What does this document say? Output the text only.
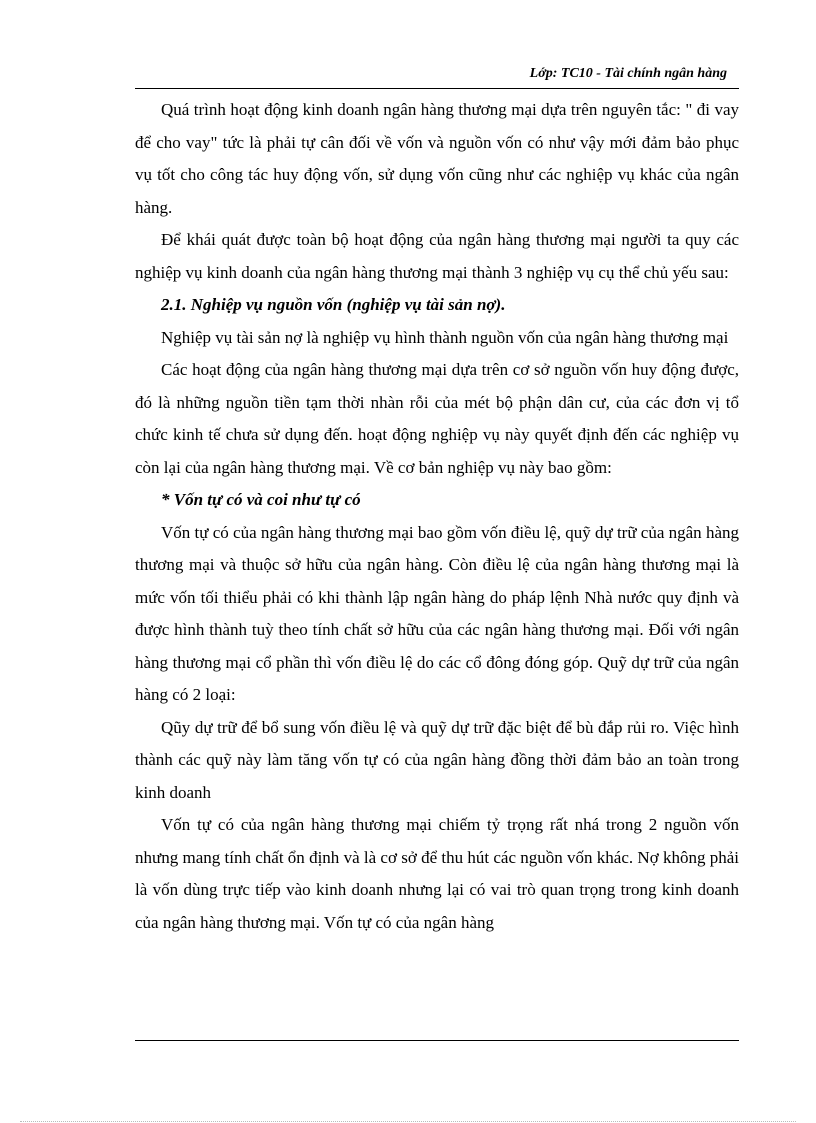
Lớp: TC10 - Tài chính ngân hàng

Quá trình hoạt động kinh doanh ngân hàng thương mại dựa trên nguyên tắc: " đi vay để cho vay" tức là phải tự cân đối về vốn và nguồn vốn có như vậy mới đảm bảo phục vụ tốt cho công tác huy động vốn, sử dụng vốn cũng như các nghiệp vụ khác của ngân hàng.

Để khái quát được toàn bộ hoạt động của ngân hàng thương mại người ta quy các nghiệp vụ kinh doanh của ngân hàng thương mại thành 3 nghiệp vụ cụ thể chủ yếu sau:

2.1. Nghiệp vụ nguồn vốn (nghiệp vụ tài sản nợ).

Nghiệp vụ tài sản nợ là nghiệp vụ hình thành nguồn vốn của ngân hàng thương mại

Các hoạt động của ngân hàng thương mại dựa trên cơ sở nguồn vốn huy động được, đó là những nguồn tiền tạm thời nhàn rỗi của mét bộ phận dân cư, của các đơn vị tổ chức kinh tế chưa sử dụng đến. hoạt động nghiệp vụ này quyết định đến các nghiệp vụ còn lại của ngân hàng thương mại. Về cơ bản nghiệp vụ này bao gồm:

* Vốn tự có và coi như tự có

Vốn tự có của ngân hàng thương mại bao gồm vốn điều lệ, quỹ dự trữ của ngân hàng thương mại và thuộc sở hữu của ngân hàng. Còn điều lệ của ngân hàng thương mại là mức vốn tối thiểu phải có khi thành lập ngân hàng do pháp lệnh Nhà nước quy định và được hình thành tuỳ theo tính chất sở hữu của các ngân hàng thương mại. Đối với ngân hàng thương mại cổ phần thì vốn điều lệ do các cổ đông đóng góp. Quỹ dự trữ của ngân hàng có 2 loại:

Qũy dự trữ để bổ sung vốn điều lệ và quỹ dự trữ đặc biệt để bù đắp rủi ro. Việc hình thành các quỹ này làm tăng vốn tự có của ngân hàng đồng thời đảm bảo an toàn trong kinh doanh

Vốn tự có của ngân hàng thương mại chiếm tỷ trọng rất nhá trong 2 nguồn vốn nhưng mang tính chất ổn định và là cơ sở để thu hút các nguồn vốn khác. Nợ không phải là vốn dùng trực tiếp vào kinh doanh nhưng lại có vai trò quan trọng trong kinh doanh của ngân hàng thương mại. Vốn tự có của ngân hàng
